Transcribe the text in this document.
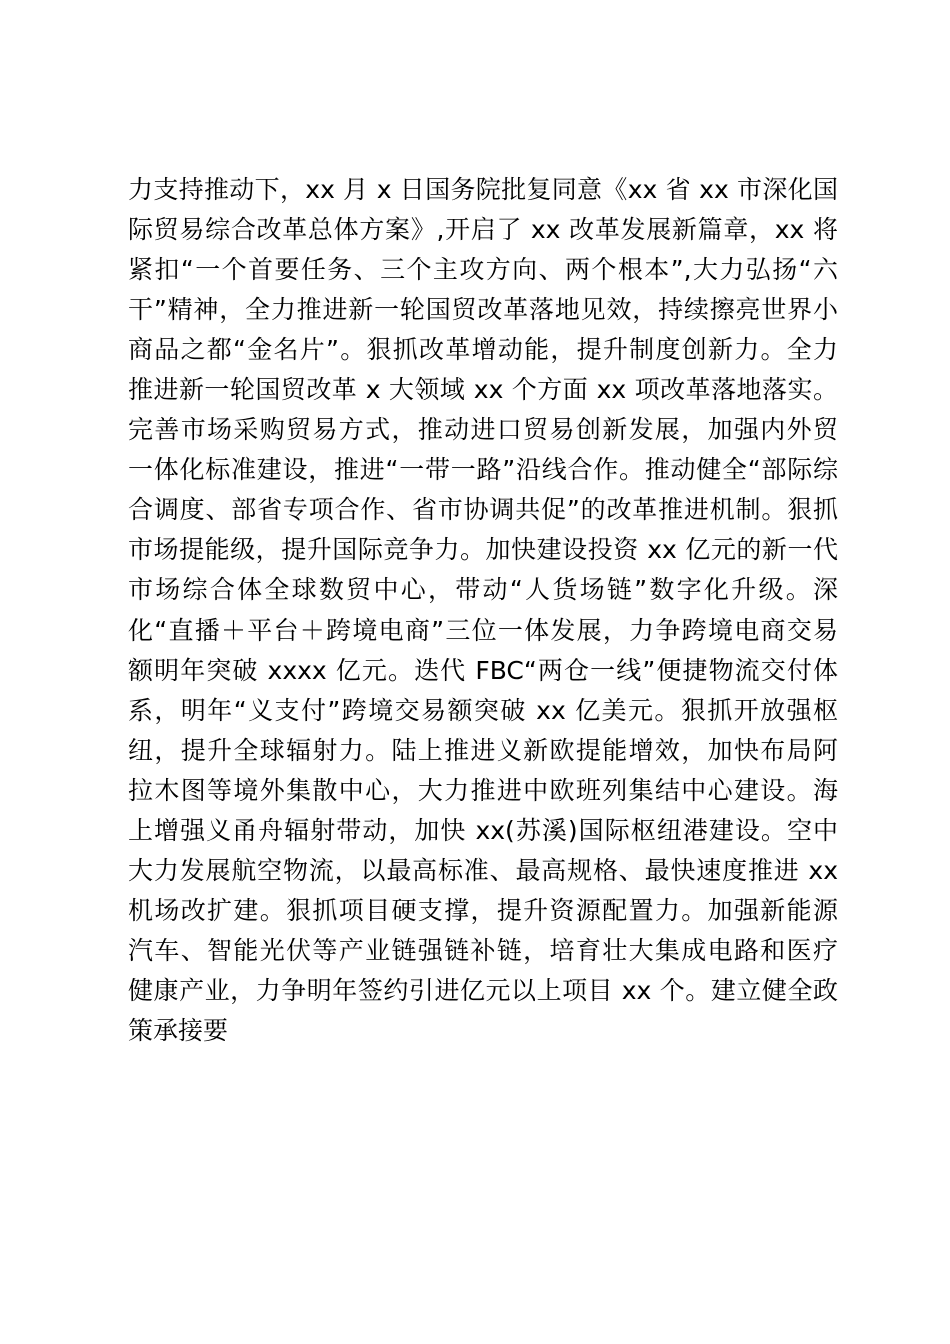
力支持推动下，xx 月 x 日国务院批复同意《xx 省 xx 市深化国
际贸易综合改革总体方案》,开启了 xx 改革发展新篇章，xx 将
紧扣“一个首要任务、三个主攻方向、两个根本”,大力弘扬“六
干”精神，全力推进新一轮国贸改革落地见效，持续擦亮世界小
商品之都“金名片”。狠抓改革增动能，提升制度创新力。全力
推进新一轮国贸改革 x 大领域 xx 个方面 xx 项改革落地落实。
完善市场采购贸易方式，推动进口贸易创新发展，加强内外贸
一体化标准建设，推进“一带一路”沿线合作。推动健全“部际综
合调度、部省专项合作、省市协调共促”的改革推进机制。狠抓
市场提能级，提升国际竞争力。加快建设投资 xx 亿元的新一代
市场综合体全球数贸中心，带动“人货场链”数字化升级。深
化“直播＋平台＋跨境电商”三位一体发展，力争跨境电商交易
额明年突破 xxxx 亿元。迭代 FBC“两仓一线”便捷物流交付体
系，明年“义支付”跨境交易额突破 xx 亿美元。狠抓开放强枢
纽，提升全球辐射力。陆上推进义新欧提能增效，加快布局阿
拉木图等境外集散中心，大力推进中欧班列集结中心建设。海
上增强义甬舟辐射带动，加快 xx(苏溪)国际枢纽港建设。空中
大力发展航空物流，以最高标准、最高规格、最快速度推进 xx
机场改扩建。狠抓项目硬支撑，提升资源配置力。加强新能源
汽车、智能光伏等产业链强链补链，培育壮大集成电路和医疗
健康产业，力争明年签约引进亿元以上项目 xx 个。建立健全政
策承接要
